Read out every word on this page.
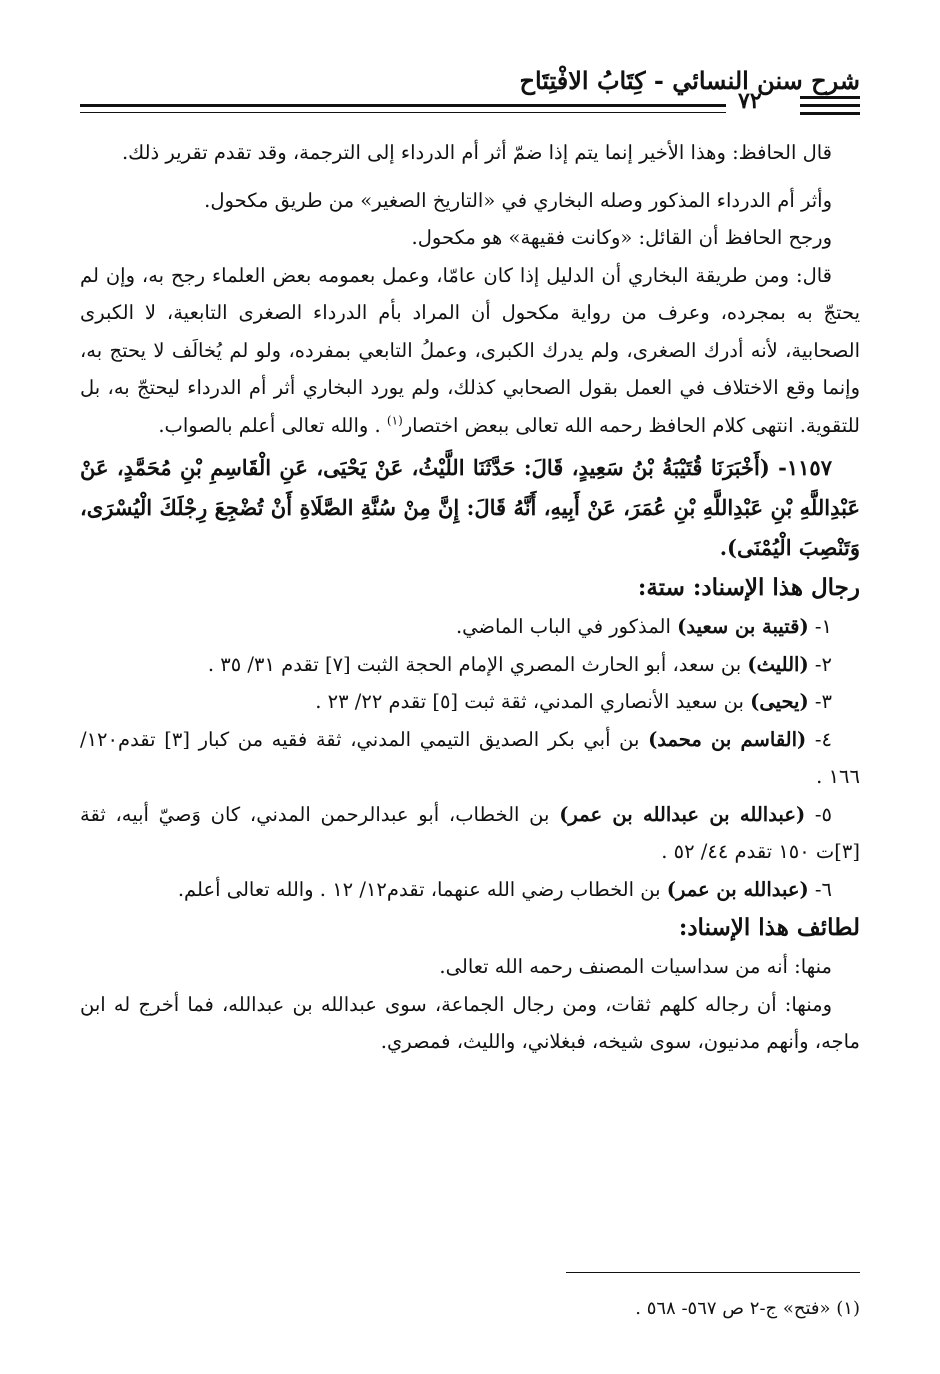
شرح سنن النسائي - كِتَابُ الافْتِتَاح
٧٢

قال الحافظ: وهذا الأخير إنما يتم إذا ضمّ أثر أم الدرداء إلى الترجمة، وقد تقدم تقرير ذلك.

وأثر أم الدرداء المذكور وصله البخاري في «التاريخ الصغير» من طريق مكحول.

ورجح الحافظ أن القائل: «وكانت فقيهة» هو مكحول.

قال: ومن طريقة البخاري أن الدليل إذا كان عامّا، وعمل بعمومه بعض العلماء رجح به، وإن لم يحتجّ به بمجرده، وعرف من رواية مكحول أن المراد بأم الدرداء الصغرى التابعية، لا الكبرى الصحابية، لأنه أدرك الصغرى، ولم يدرك الكبرى، وعملُ التابعي بمفرده، ولو لم يُخالَف لا يحتج به، وإنما وقع الاختلاف في العمل بقول الصحابي كذلك، ولم يورد البخاري أثر أم الدرداء ليحتجّ به، بل للتقوية. انتهى كلام الحافظ رحمه الله تعالى ببعض اختصار$^{(١)}$ . والله تعالى أعلم بالصواب.

١١٥٧- (أَخْبَرَنَا قُتَيْبَةُ بْنُ سَعِيدٍ، قَالَ: حَدَّثَنَا اللَّيْثُ، عَنْ يَحْيَى، عَنِ الْقَاسِمِ بْنِ مُحَمَّدٍ، عَنْ عَبْدِاللَّهِ بْنِ عَبْدِاللَّهِ بْنِ عُمَرَ، عَنْ أَبِيهِ، أَنَّهُ قَالَ: إِنَّ مِنْ سُنَّةِ الصَّلَاةِ أَنْ تُضْجِعَ رِجْلَكَ الْيُسْرَى، وَتَنْصِبَ الْيُمْنَى).

رجال هذا الإسناد: ستة:

١- (قتيبة بن سعيد) المذكور في الباب الماضي.

٢- (الليث) بن سعد، أبو الحارث المصري الإمام الحجة الثبت [٧] تقدم ٣١/ ٣٥ .

٣- (يحيى) بن سعيد الأنصاري المدني، ثقة ثبت [٥] تقدم ٢٢/ ٢٣ .

٤- (القاسم بن محمد) بن أبي بكر الصديق التيمي المدني، ثقة فقيه من كبار [٣] تقدم١٢٠/ ١٦٦ .

٥- (عبدالله بن عبدالله بن عمر) بن الخطاب، أبو عبدالرحمن المدني، كان وَصيّ أبيه، ثقة [٣]ت ١٥٠ تقدم ٤٤/ ٥٢ .

٦- (عبدالله بن عمر) بن الخطاب رضي الله عنهما، تقدم١٢/ ١٢ . والله تعالى أعلم.

لطائف هذا الإسناد:

منها: أنه من سداسيات المصنف رحمه الله تعالى.

ومنها: أن رجاله كلهم ثقات، ومن رجال الجماعة، سوى عبدالله بن عبدالله، فما أخرج له ابن ماجه، وأنهم مدنيون، سوى شيخه، فبغلاني، والليث، فمصري.

(١) «فتح» ج-٢ ص ٥٦٧- ٥٦٨ .
